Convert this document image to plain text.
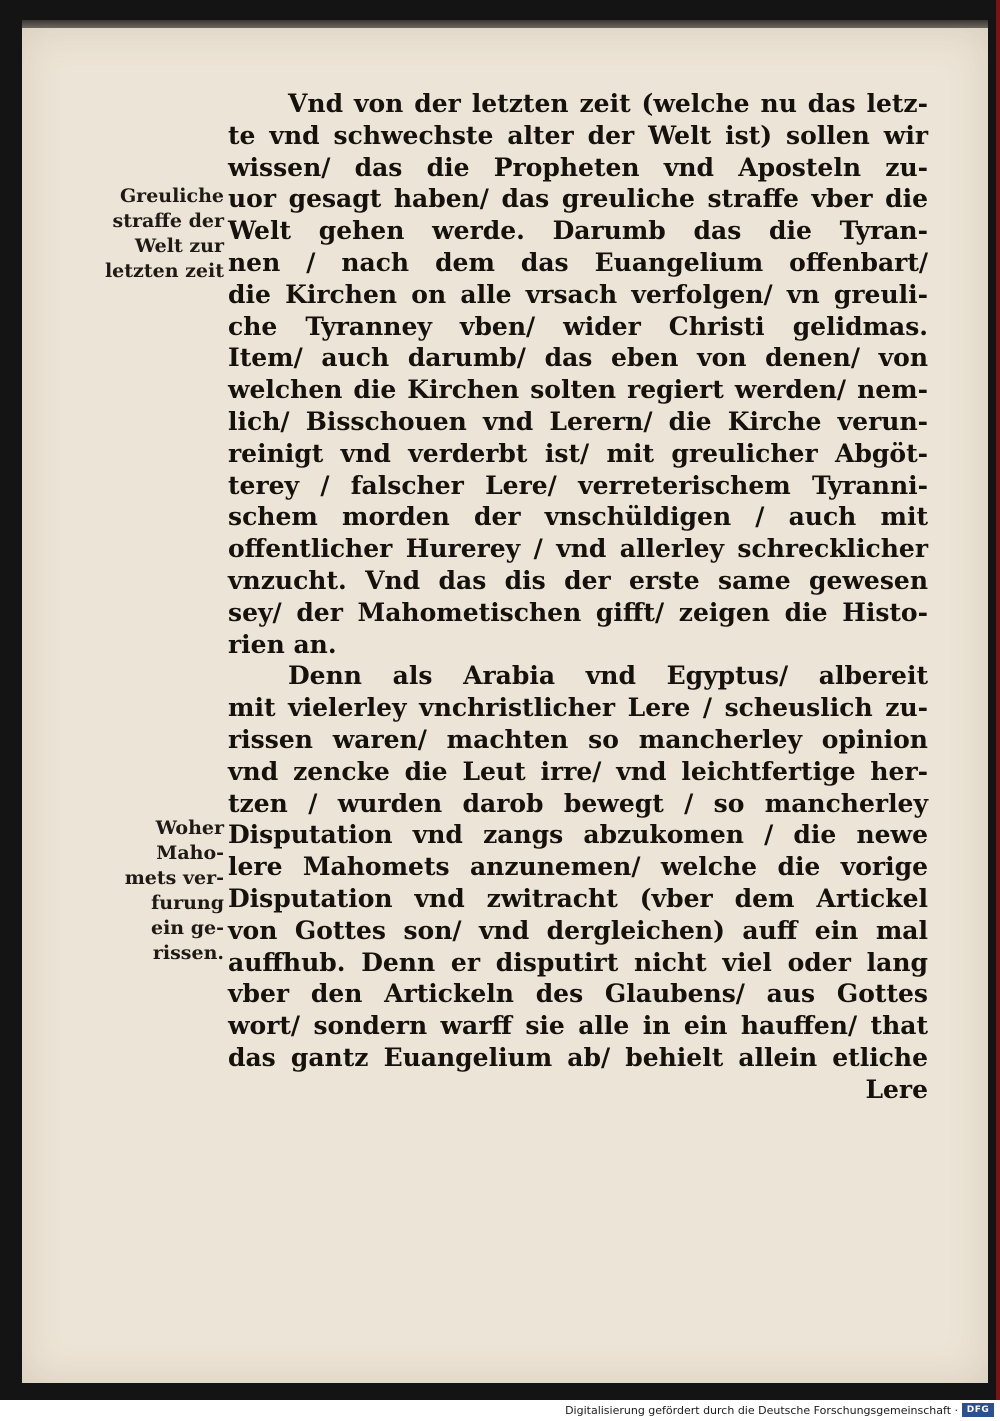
Greuliche
straffe der
Welt zur
letzten zeit
Woher
Maho-
mets ver-
furung
ein ge-
rissen.
Vnd von der letzten zeit (welche nu das letz-
te vnd schwechste alter der Welt ist) sollen wir
wissen/ das die Propheten vnd Aposteln zu-
uor gesagt haben/ das greuliche straffe vber die
Welt gehen werde. Darumb das die Tyran-
nen / nach dem das Euangelium offenbart/
die Kirchen on alle vrsach verfolgen/ vn greuli-
che Tyranney vben/ wider Christi gelidmas.
Item/ auch darumb/ das eben von denen/ von
welchen die Kirchen solten regiert werden/ nem-
lich/ Bisschouen vnd Lerern/ die Kirche verun-
reinigt vnd verderbt ist/ mit greulicher Abgöt-
terey / falscher Lere/ verreterischem Tyranni-
schem morden der vnschüldigen / auch mit
offentlicher Hurerey / vnd allerley schrecklicher
vnzucht. Vnd das dis der erste same gewesen
sey/ der Mahometischen gifft/ zeigen die Histo-
rien an.
Denn als Arabia vnd Egyptus/ albereit
mit vielerley vnchristlicher Lere / scheuslich zu-
rissen waren/ machten so mancherley opinion
vnd zencke die Leut irre/ vnd leichtfertige her-
tzen / wurden darob bewegt / so mancherley
Disputation vnd zangs abzukomen / die newe
lere Mahomets anzunemen/ welche die vorige
Disputation vnd zwitracht (vber dem Artickel
von Gottes son/ vnd dergleichen) auff ein mal
auffhub. Denn er disputirt nicht viel oder lang
vber den Artickeln des Glaubens/ aus Gottes
wort/ sondern warff sie alle in ein hauffen/ that
das gantz Euangelium ab/ behielt allein etliche
Lere
Digitalisierung gefördert durch die Deutsche Forschungsgemeinschaft · DFG
